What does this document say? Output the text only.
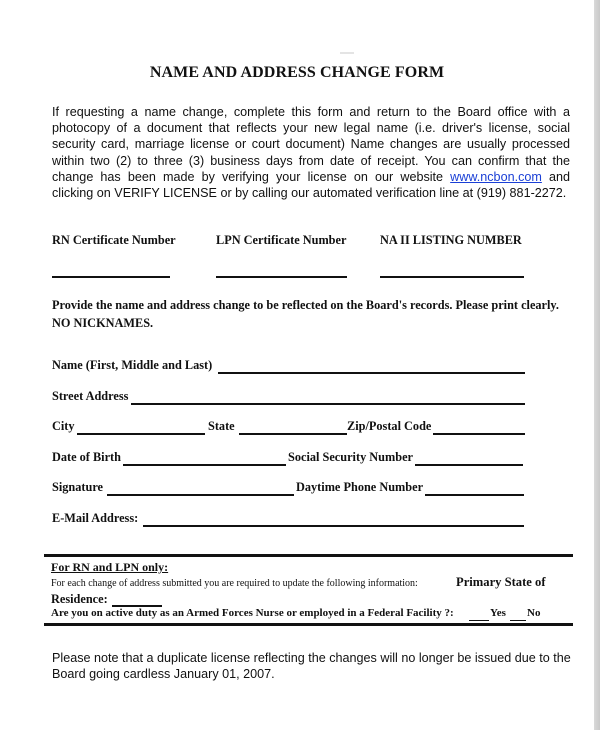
NAME AND ADDRESS CHANGE FORM
If requesting a name change, complete this form and return to the Board office with a photocopy of a document that reflects your new legal name (i.e. driver's license, social security card, marriage license or court document) Name changes are usually processed within two (2) to three (3) business days from date of receipt. You can confirm that the change has been made by verifying your license on our website www.ncbon.com and clicking on VERIFY LICENSE or by calling our automated verification line at (919) 881-2272.
RN Certificate Number	LPN Certificate Number	NA II LISTING NUMBER
Provide the name and address change to be reflected on the Board's records. Please print clearly. NO NICKNAMES.
Name (First, Middle and Last)
Street Address
City	State	Zip/Postal Code
Date of Birth	Social Security Number
Signature	Daytime Phone Number
E-Mail Address:
For RN and LPN only:
For each change of address submitted you are required to update the following information:	Primary State of
Residence:
Are you on active duty as an Armed Forces Nurse or employed in a Federal Facility ?:	Yes No
Please note that a duplicate license reflecting the changes will no longer be issued due to the Board going cardless January 01, 2007.
